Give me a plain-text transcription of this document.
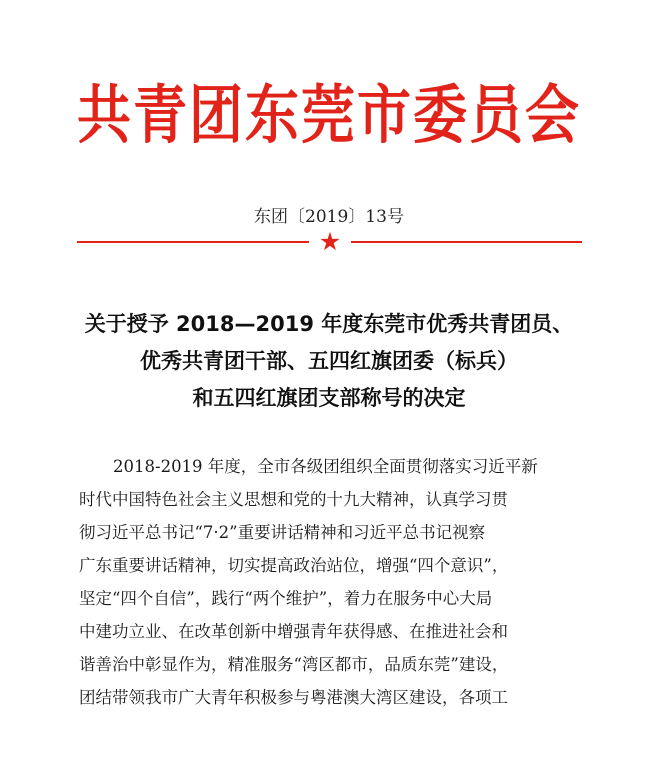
共青团东莞市委员会
东团〔2019〕13号
★
关于授予 2018—2019 年度东莞市优秀共青团员、
优秀共青团干部、五四红旗团委（标兵）
和五四红旗团支部称号的决定
2018-2019 年度，全市各级团组织全面贯彻落实习近平新
时代中国特色社会主义思想和党的十九大精神，认真学习贯
彻习近平总书记“7·2”重要讲话精神和习近平总书记视察
广东重要讲话精神，切实提高政治站位，增强“四个意识”，
坚定“四个自信”，践行“两个维护”，着力在服务中心大局
中建功立业、在改革创新中增强青年获得感、在推进社会和
谐善治中彰显作为，精准服务“湾区都市，品质东莞”建设，
团结带领我市广大青年积极参与粤港澳大湾区建设，各项工
